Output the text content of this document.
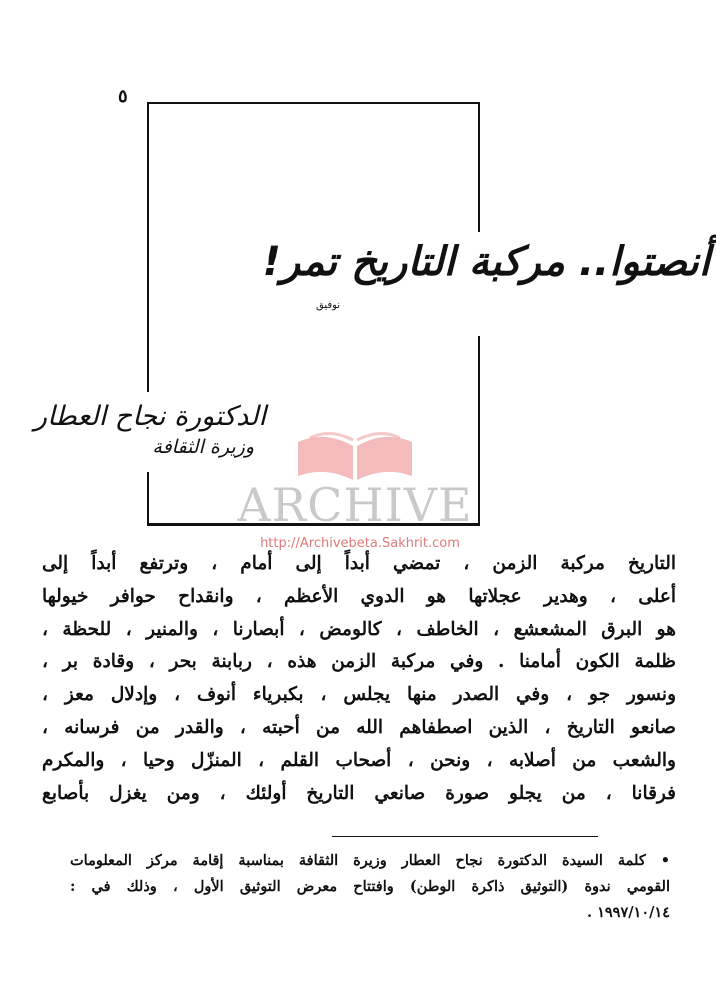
٥
أنصتوا.. مركبة التاريخ تمر!
نوفيق
الدكتورة نجاح العطار
وزيرة الثقافة
ARCHIVE
http://Archivebeta.Sakhrit.com
التاريخ مركبة الزمن ، تمضي أبداً إلى أمام ، وترتفع أبداً إلى
أعلى ، وهدير عجلاتها هو الدوي الأعظم ، وانقداح حوافر خيولها
هو البرق المشعشع ، الخاطف ، كالومض ، أبصارنا ، والمنير ، للحظة ،
ظلمة الكون أمامنا . وفي مركبة الزمن هذه ، ربابنة بحر ، وقادة بر ،
ونسور جو ، وفي الصدر منها يجلس ، بكبرياء أنوف ، وإدلال معز ،
صانعو التاريخ ، الذين اصطفاهم الله من أحبته ، والقدر من فرسانه ،
والشعب من أصلابه ، ونحن ، أصحاب القلم ، المنزّل وحيا ، والمكرم
فرقانا ، من يجلو صورة صانعي التاريخ أولئك ، ومن يغزل بأصابع
• كلمة السيدة الدكتورة نجاح العطار وزيرة الثقافة بمناسبة إقامة مركز المعلومات
القومي ندوة (التوثيق ذاكرة الوطن) وافتتاح معرض التوثيق الأول ، وذلك في :
١٩٩٧/١٠/١٤ .
